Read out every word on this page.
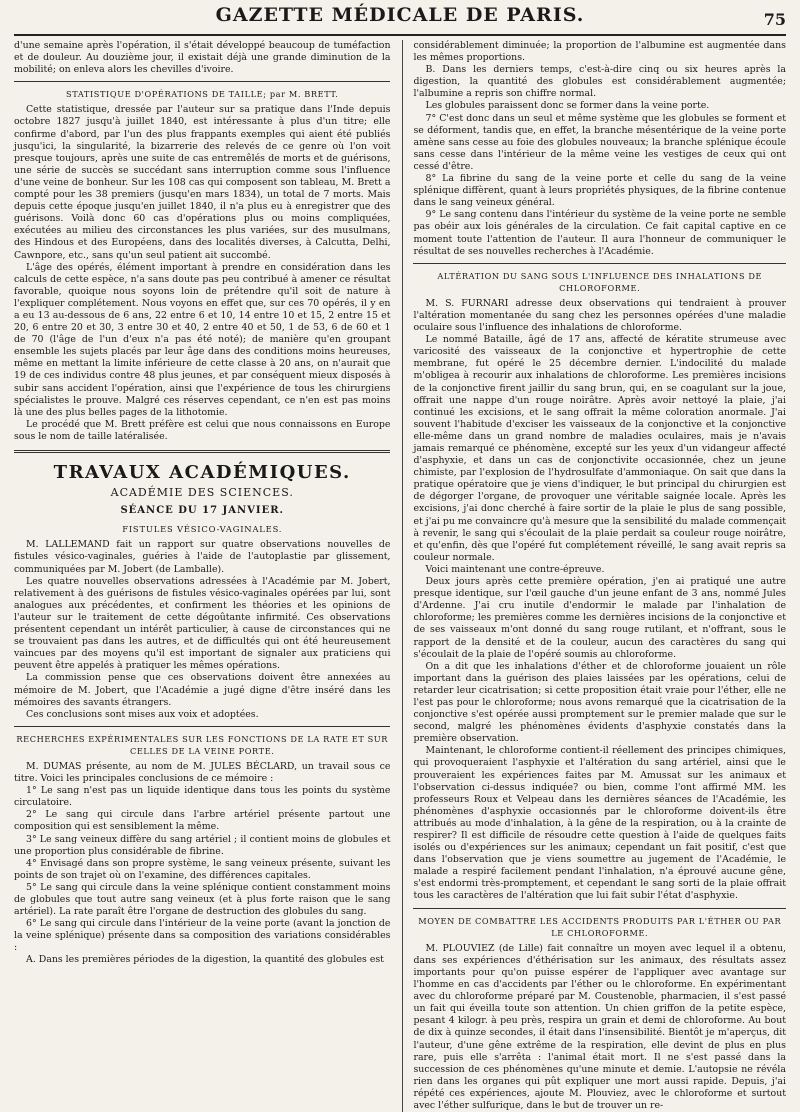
GAZETTE MÉDICALE DE PARIS.	75

d'une semaine après l'opération, il s'était développé beaucoup de tuméfaction et de douleur. Au douzième jour, il existait déjà une grande diminution de la mobilité; on enleva alors les chevilles d'ivoire.

STATISTIQUE D'OPÉRATIONS DE TAILLE; par M. BRETT.

Cette statistique, dressée par l'auteur sur sa pratique dans l'Inde depuis octobre 1827 jusqu'à juillet 1840, est intéressante à plus d'un titre; elle confirme d'abord, par l'un des plus frappants exemples qui aient été publiés jusqu'ici, la singularité, la bizarrerie des relevés de ce genre où l'on voit presque toujours, après une suite de cas entremêlés de morts et de guérisons, une série de succès se succédant sans interruption comme sous l'influence d'une veine de bonheur. Sur les 108 cas qui composent son tableau, M. Brett a compté pour les 38 premiers (jusqu'en mars 1834), un total de 7 morts. Mais depuis cette époque jusqu'en juillet 1840, il n'a plus eu à enregistrer que des guérisons. Voilà donc 60 cas d'opérations plus ou moins compliquées, exécutées au milieu des circonstances les plus variées, sur des musulmans, des Hindous et des Européens, dans des localités diverses, à Calcutta, Delhi, Cawnpore, etc., sans qu'un seul patient ait succombé.

L'âge des opérés, élément important à prendre en considération dans les calculs de cette espèce, n'a sans doute pas peu contribué à amener ce résultat favorable, quoique nous soyons loin de prétendre qu'il soit de nature à l'expliquer complétement. Nous voyons en effet que, sur ces 70 opérés, il y en a eu 13 au-dessous de 6 ans, 22 entre 6 et 10, 14 entre 10 et 15, 2 entre 15 et 20, 6 entre 20 et 30, 3 entre 30 et 40, 2 entre 40 et 50, 1 de 53, 6 de 60 et 1 de 70 (l'âge de l'un d'eux n'a pas été noté); de manière qu'en groupant ensemble les sujets placés par leur âge dans des conditions moins heureuses, même en mettant la limite inférieure de cette classe à 20 ans, on n'aurait que 19 de ces individus contre 48 plus jeunes, et par conséquent mieux disposés à subir sans accident l'opération, ainsi que l'expérience de tous les chirurgiens spécialistes le prouve. Malgré ces réserves cependant, ce n'en est pas moins là une des plus belles pages de la lithotomie.

Le procédé que M. Brett préfère est celui que nous connaissons en Europe sous le nom de taille latéralisée.

TRAVAUX ACADÉMIQUES.

ACADÉMIE DES SCIENCES.

SÉANCE DU 17 JANVIER.

FISTULES VÉSICO-VAGINALES.

M. LALLEMAND fait un rapport sur quatre observations nouvelles de fistules vésico-vaginales, guéries à l'aide de l'autoplastie par glissement, communiquées par M. Jobert (de Lamballe).

Les quatre nouvelles observations adressées à l'Académie par M. Jobert, relativement à des guérisons de fistules vésico-vaginales opérées par lui, sont analogues aux précédentes, et confirment les théories et les opinions de l'auteur sur le traitement de cette dégoûtante infirmité. Ces observations présentent cependant un intérêt particulier, à cause de circonstances qui ne se trouvaient pas dans les autres, et de difficultés qui ont été heureusement vaincues par des moyens qu'il est important de signaler aux praticiens qui peuvent être appelés à pratiquer les mêmes opérations.

La commission pense que ces observations doivent être annexées au mémoire de M. Jobert, que l'Académie a jugé digne d'être inséré dans les mémoires des savants étrangers.

Ces conclusions sont mises aux voix et adoptées.

RECHERCHES EXPÉRIMENTALES SUR LES FONCTIONS DE LA RATE ET SUR CELLES DE LA VEINE PORTE.

M. DUMAS présente, au nom de M. JULES BÉCLARD, un travail sous ce titre. Voici les principales conclusions de ce mémoire :

1° Le sang n'est pas un liquide identique dans tous les points du système circulatoire.

2° Le sang qui circule dans l'arbre artériel présente partout une composition qui est sensiblement la même.

3° Le sang veineux diffère du sang artériel ; il contient moins de globules et une proportion plus considérable de fibrine.

4° Envisagé dans son propre système, le sang veineux présente, suivant les points de son trajet où on l'examine, des différences capitales.

5° Le sang qui circule dans la veine splénique contient constamment moins de globules que tout autre sang veineux (et à plus forte raison que le sang artériel). La rate paraît être l'organe de destruction des globules du sang.

6° Le sang qui circule dans l'intérieur de la veine porte (avant la jonction de la veine splénique) présente dans sa composition des variations considérables :

A. Dans les premières périodes de la digestion, la quantité des globules est

considérablement diminuée; la proportion de l'albumine est augmentée dans les mêmes proportions.

B. Dans les derniers temps, c'est-à-dire cinq ou six heures après la digestion, la quantité des globules est considérablement augmentée; l'albumine a repris son chiffre normal.

Les globules paraissent donc se former dans la veine porte.

7° C'est donc dans un seul et même système que les globules se forment et se déforment, tandis que, en effet, la branche mésentérique de la veine porte amène sans cesse au foie des globules nouveaux; la branche splénique écoule sans cesse dans l'intérieur de la même veine les vestiges de ceux qui ont cessé d'être.

8° La fibrine du sang de la veine porte et celle du sang de la veine splénique diffèrent, quant à leurs propriétés physiques, de la fibrine contenue dans le sang veineux général.

9° Le sang contenu dans l'intérieur du système de la veine porte ne semble pas obéir aux lois générales de la circulation. Ce fait capital captive en ce moment toute l'attention de l'auteur. Il aura l'honneur de communiquer le résultat de ses nouvelles recherches à l'Académie.

ALTÉRATION DU SANG SOUS L'INFLUENCE DES INHALATIONS DE CHLOROFORME.

M. S. FURNARI adresse deux observations qui tendraient à prouver l'altération momentanée du sang chez les personnes opérées d'une maladie oculaire sous l'influence des inhalations de chloroforme.

Le nommé Bataille, âgé de 17 ans, affecté de kératite strumeuse avec varicosité des vaisseaux de la conjonctive et hypertrophie de cette membrane, fut opéré le 25 décembre dernier. L'indocilité du malade m'obligea à recourir aux inhalations de chloroforme. Les premières incisions de la conjonctive firent jaillir du sang brun, qui, en se coagulant sur la joue, offrait une nappe d'un rouge noirâtre. Après avoir nettoyé la plaie, j'ai continué les excisions, et le sang offrait la même coloration anormale. J'ai souvent l'habitude d'exciser les vaisseaux de la conjonctive et la conjonctive elle-même dans un grand nombre de maladies oculaires, mais je n'avais jamais remarqué ce phénomène, excepté sur les yeux d'un vidangeur affecté d'asphyxie, et dans un cas de conjonctivite occasionnée, chez un jeune chimiste, par l'explosion de l'hydrosulfate d'ammoniaque. On sait que dans la pratique opératoire que je viens d'indiquer, le but principal du chirurgien est de dégorger l'organe, de provoquer une véritable saignée locale. Après les excisions, j'ai donc cherché à faire sortir de la plaie le plus de sang possible, et j'ai pu me convaincre qu'à mesure que la sensibilité du malade commençait à revenir, le sang qui s'écoulait de la plaie perdait sa couleur rouge noirâtre, et qu'enfin, dès que l'opéré fut complétement réveillé, le sang avait repris sa couleur normale.

Voici maintenant une contre-épreuve.

Deux jours après cette première opération, j'en ai pratiqué une autre presque identique, sur l'œil gauche d'un jeune enfant de 3 ans, nommé Jules d'Ardenne. J'ai cru inutile d'endormir le malade par l'inhalation de chloroforme; les premières comme les dernières incisions de la conjonctive et de ses vaisseaux m'ont donné du sang rouge rutilant, et n'offrant, sous le rapport de la densité et de la couleur, aucun des caractères du sang qui s'écoulait de la plaie de l'opéré soumis au chloroforme.

On a dit que les inhalations d'éther et de chloroforme jouaient un rôle important dans la guérison des plaies laissées par les opérations, celui de retarder leur cicatrisation; si cette proposition était vraie pour l'éther, elle ne l'est pas pour le chloroforme; nous avons remarqué que la cicatrisation de la conjonctive s'est opérée aussi promptement sur le premier malade que sur le second, malgré les phénomènes évidents d'asphyxie constatés dans la première observation.

Maintenant, le chloroforme contient-il réellement des principes chimiques, qui provoqueraient l'asphyxie et l'altération du sang artériel, ainsi que le prouveraient les expériences faites par M. Amussat sur les animaux et l'observation ci-dessus indiquée? ou bien, comme l'ont affirmé MM. les professeurs Roux et Velpeau dans les dernières séances de l'Académie, les phénomènes d'asphyxie occasionnés par le chloroforme doivent-ils être attribués au mode d'inhalation, à la gêne de la respiration, ou à la crainte de respirer? Il est difficile de résoudre cette question à l'aide de quelques faits isolés ou d'expériences sur les animaux; cependant un fait positif, c'est que dans l'observation que je viens soumettre au jugement de l'Académie, le malade a respiré facilement pendant l'inhalation, n'a éprouvé aucune gêne, s'est endormi très-promptement, et cependant le sang sorti de la plaie offrait tous les caractères de l'altération que lui fait subir l'état d'asphyxie.

MOYEN DE COMBATTRE LES ACCIDENTS PRODUITS PAR L'ÉTHER OU PAR LE CHLOROFORME.

M. PLOUVIEZ (de Lille) fait connaître un moyen avec lequel il a obtenu, dans ses expériences d'éthérisation sur les animaux, des résultats assez importants pour qu'on puisse espérer de l'appliquer avec avantage sur l'homme en cas d'accidents par l'éther ou le chloroforme. En expérimentant avec du chloroforme préparé par M. Coustenoble, pharmacien, il s'est passé un fait qui éveilla toute son attention. Un chien griffon de la petite espèce, pesant 4 kilogr. à peu près, respira un grain et demi de chloroforme. Au bout de dix à quinze secondes, il était dans l'insensibilité. Bientôt je m'aperçus, dit l'auteur, d'une gêne extrême de la respiration, elle devint de plus en plus rare, puis elle s'arrêta : l'animal était mort. Il ne s'est passé dans la succession de ces phénomènes qu'une minute et demie. L'autopsie ne révéla rien dans les organes qui pût expliquer une mort aussi rapide. Depuis, j'ai répété ces expériences, ajoute M. Plouviez, avec le chloroforme et surtout avec l'éther sulfurique, dans le but de trouver un re-
